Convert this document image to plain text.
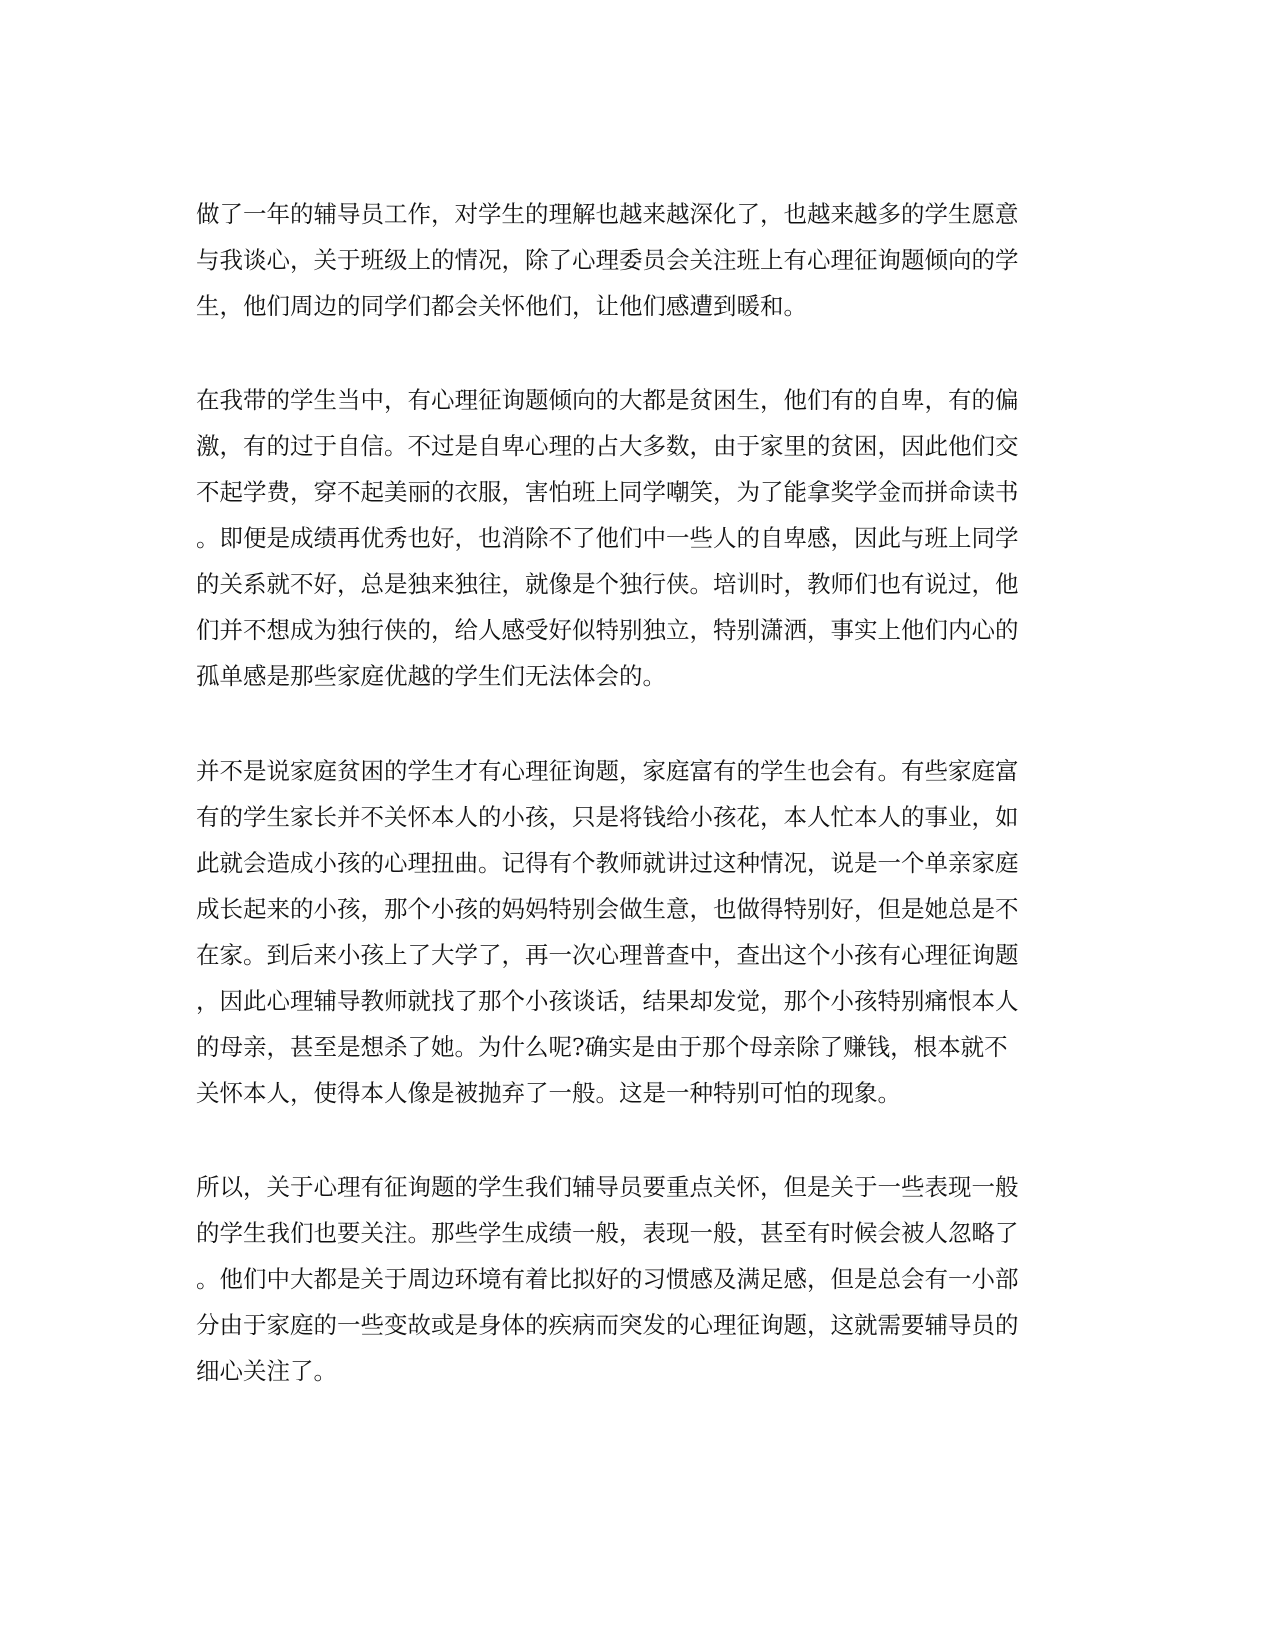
做了一年的辅导员工作，对学生的理解也越来越深化了，也越来越多的学生愿意
与我谈心，关于班级上的情况，除了心理委员会关注班上有心理征询题倾向的学
生，他们周边的同学们都会关怀他们，让他们感遭到暖和。
在我带的学生当中，有心理征询题倾向的大都是贫困生，他们有的自卑，有的偏
激，有的过于自信。不过是自卑心理的占大多数，由于家里的贫困，因此他们交
不起学费，穿不起美丽的衣服，害怕班上同学嘲笑，为了能拿奖学金而拼命读书
。即便是成绩再优秀也好，也消除不了他们中一些人的自卑感，因此与班上同学
的关系就不好，总是独来独往，就像是个独行侠。培训时，教师们也有说过，他
们并不想成为独行侠的，给人感受好似特别独立，特别潇洒，事实上他们内心的
孤单感是那些家庭优越的学生们无法体会的。
并不是说家庭贫困的学生才有心理征询题，家庭富有的学生也会有。有些家庭富
有的学生家长并不关怀本人的小孩，只是将钱给小孩花，本人忙本人的事业，如
此就会造成小孩的心理扭曲。记得有个教师就讲过这种情况，说是一个单亲家庭
成长起来的小孩，那个小孩的妈妈特别会做生意，也做得特别好，但是她总是不
在家。到后来小孩上了大学了，再一次心理普查中，查出这个小孩有心理征询题
，因此心理辅导教师就找了那个小孩谈话，结果却发觉，那个小孩特别痛恨本人
的母亲，甚至是想杀了她。为什么呢?确实是由于那个母亲除了赚钱，根本就不
关怀本人，使得本人像是被抛弃了一般。这是一种特别可怕的现象。
所以，关于心理有征询题的学生我们辅导员要重点关怀，但是关于一些表现一般
的学生我们也要关注。那些学生成绩一般，表现一般，甚至有时候会被人忽略了
。他们中大都是关于周边环境有着比拟好的习惯感及满足感，但是总会有一小部
分由于家庭的一些变故或是身体的疾病而突发的心理征询题，这就需要辅导员的
细心关注了。
